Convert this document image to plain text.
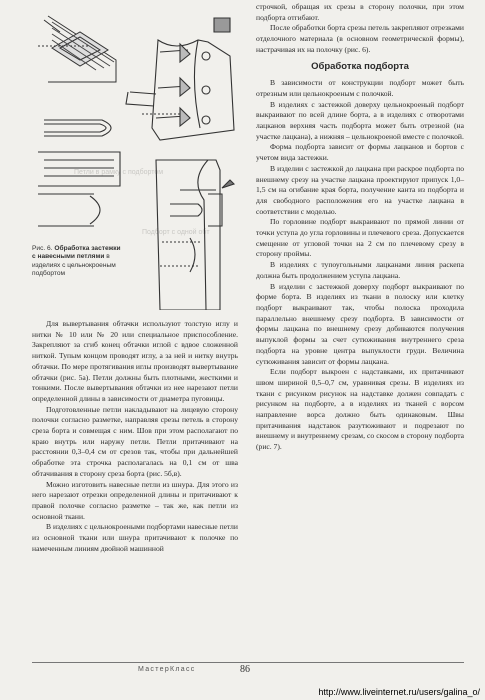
Петли в рамку с подбортом
Подборт с одной обт
Рис. 6. Обработка застежки с навесными петлями в изделиях с цельнокроеным подбортом

Для вывертывания обтачки используют толстую иглу и нитки № 10 или № 20 или специальное приспособление. Закрепляют за сгиб конец обтачки иглой с вдвое сложенной ниткой. Тупым концом проводят иглу, а за ней и нитку внутрь обтачки. По мере протягивания иглы производят вывертывание обтачки (рис. 5а). Петли должны быть плотными, жесткими и тонкими. После вывертывания обтачки из нее нарезают петли определенной длины в зависимости от диаметра пуговицы.

Подготовленные петли накладывают на лицевую сторону полочки согласно разметке, направляя срезы петель в сторону среза борта и совмещая с ним. Шов при этом располагают по краю внутрь или наружу петли. Петли притачивают на расстоянии 0,3–0,4 см от срезов так, чтобы при дальнейшей обработке эта строчка располагалась на 0,1 см от шва обтачивания в сторону среза борта (рис. 5б,в).

Можно изготовить навесные петли из шнура. Для этого из него нарезают отрезки определенной длины и притачивают к правой полочке согласно разметке – так же, как петли из основной ткани.

В изделиях с цельнокроеными подбортами навесные петли из основной ткани или шнура притачивают к полочке по намеченным линиям двойной машинной

строчкой, обращая их срезы в сторону полочки, при этом подборта отгибают.

После обработки борта срезы петель закрепляют отрезками отделочного материала (в основном геометрической формы), настрачивая их на полочку (рис. 6).

Обработка подборта

В зависимости от конструкции подборт может быть отрезным или цельнокроеным с полочкой.

В изделиях с застежкой доверху цельнокроеный подборт выкраивают по всей длине борта, а в изделиях с отворотами лацканов верхняя часть подборта может быть отрезной (на участке лацкана), а нижняя – цельнокроеной вместе с полочкой.

Форма подборта зависит от формы лацканов и бортов с учетом вида застежки.

В изделии с застежкой до лацкана при раскрое подборта по внешнему срезу на участке лацкана проектируют припуск 1,0–1,5 см на огибание края борта, получение канта из подборта и для свободного расположения его на участке лацкана в соответствии с моделью.

По горловине подборт выкраивают по прямой линии от точки уступа до угла горловины и плечевого среза. Допускается смещение от угловой точки на 2 см по плечевому срезу в сторону проймы.

В изделиях с тупоугольными лацканами линия раскепа должна быть продолжением уступа лацкана.

В изделии с застежкой доверху подборт выкраивают по форме борта. В изделиях из ткани в полоску или клетку подборт выкраивают так, чтобы полоска проходила параллельно внешнему срезу подборта. В зависимости от формы лацкана по внешнему срезу добиваются получения выпуклой формы за счет сутюживания внутреннего среза подборта на уровне центра выпуклости груди. Величина сутюживания зависит от формы лацкана.

Если подборт выкроен с надставками, их притачивают швом шириной 0,5–0,7 см, уравнивая срезы. В изделиях из ткани с рисунком рисунок на надставке должен совпадать с рисунком на подборте, а в изделиях из тканей с ворсом направление ворса должно быть одинаковым. Швы притачивания надставок разутюживают и подрезают по внешнему и внутреннему срезам, со скосом в сторону подборта (рис. 7).

МастерКласс	86
http://www.liveinternet.ru/users/galina_o/
